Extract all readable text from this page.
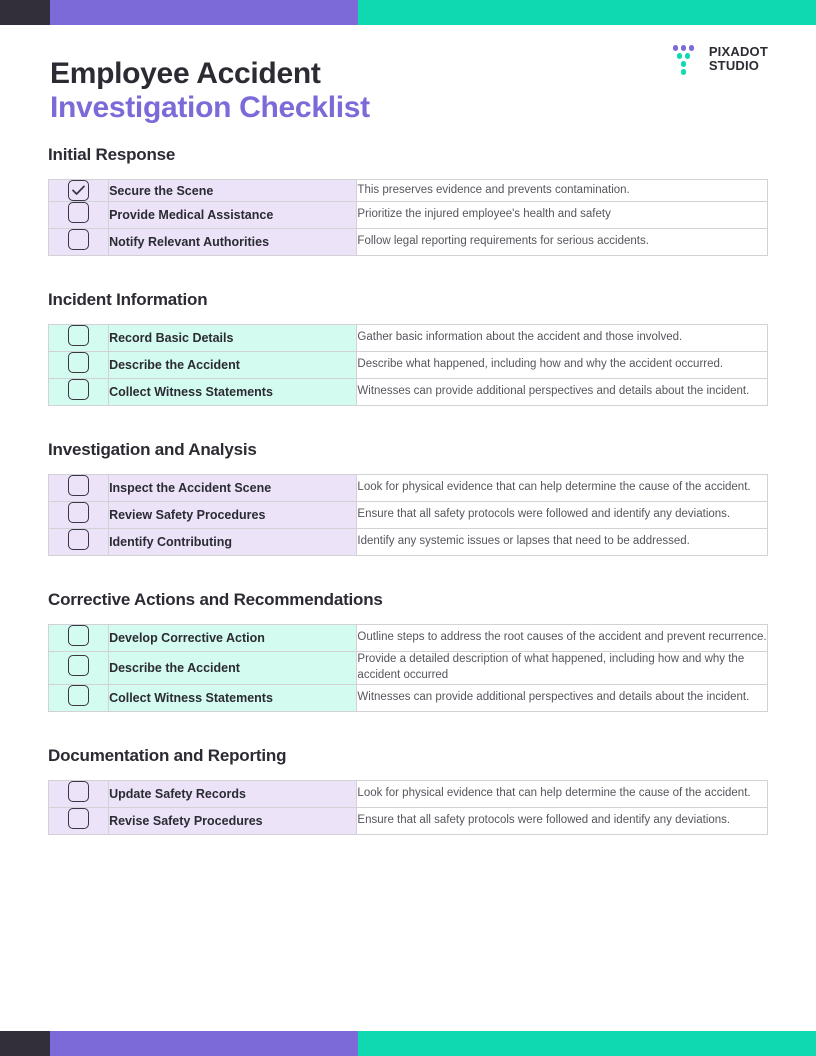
Employee Accident
Investigation Checklist
PIXADOT
STUDIO
Initial Response
	Secure the Scene	This preserves evidence and prevents contamination.
	Provide Medical Assistance	Prioritize the injured employee's health and safety
	Notify Relevant Authorities	Follow legal reporting requirements for serious accidents.
Incident Information
	Record Basic Details	Gather basic information about the accident and those involved.
	Describe the Accident	Describe what happened, including how and why the accident occurred.
	Collect Witness Statements	Witnesses can provide additional perspectives and details about the incident.
Investigation and Analysis
	Inspect the Accident Scene	Look for physical evidence that can help determine the cause of the accident.
	Review Safety Procedures	Ensure that all safety protocols were followed and identify any deviations.
	Identify Contributing	Identify any systemic issues or lapses that need to be addressed.
Corrective Actions and Recommendations
	Develop Corrective Action	Outline steps to address the root causes of the accident and prevent recurrence.
	Describe the Accident	Provide a detailed description of what happened, including how and why the accident occurred
	Collect Witness Statements	Witnesses can provide additional perspectives and details about the incident.
Documentation and Reporting
	Update Safety Records	Look for physical evidence that can help determine the cause of the accident.
	Revise Safety Procedures	Ensure that all safety protocols were followed and identify any deviations.
